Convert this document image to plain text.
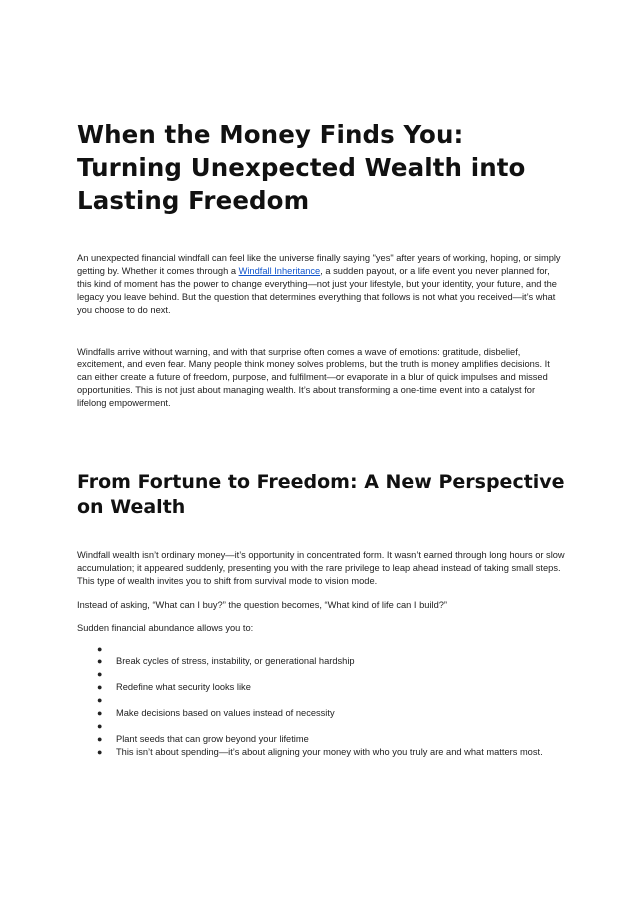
When the Money Finds You: Turning Unexpected Wealth into Lasting Freedom

An unexpected financial windfall can feel like the universe finally saying "yes" after years of working, hoping, or simply getting by. Whether it comes through a Windfall Inheritance, a sudden payout, or a life event you never planned for, this kind of moment has the power to change everything—not just your lifestyle, but your identity, your future, and the legacy you leave behind. But the question that determines everything that follows is not what you received—it’s what you choose to do next.

Windfalls arrive without warning, and with that surprise often comes a wave of emotions: gratitude, disbelief, excitement, and even fear. Many people think money solves problems, but the truth is money amplifies decisions. It can either create a future of freedom, purpose, and fulfilment—or evaporate in a blur of quick impulses and missed opportunities. This is not just about managing wealth. It’s about transforming a one-time event into a catalyst for lifelong empowerment.

From Fortune to Freedom: A New Perspective on Wealth

Windfall wealth isn’t ordinary money—it’s opportunity in concentrated form. It wasn’t earned through long hours or slow accumulation; it appeared suddenly, presenting you with the rare privilege to leap ahead instead of taking small steps. This type of wealth invites you to shift from survival mode to vision mode.

Instead of asking, “What can I buy?” the question becomes, “What kind of life can I build?”

Sudden financial abundance allows you to:

●
● Break cycles of stress, instability, or generational hardship
●
● Redefine what security looks like
●
● Make decisions based on values instead of necessity
●
● Plant seeds that can grow beyond your lifetime
● This isn’t about spending—it’s about aligning your money with who you truly are and what matters most.
